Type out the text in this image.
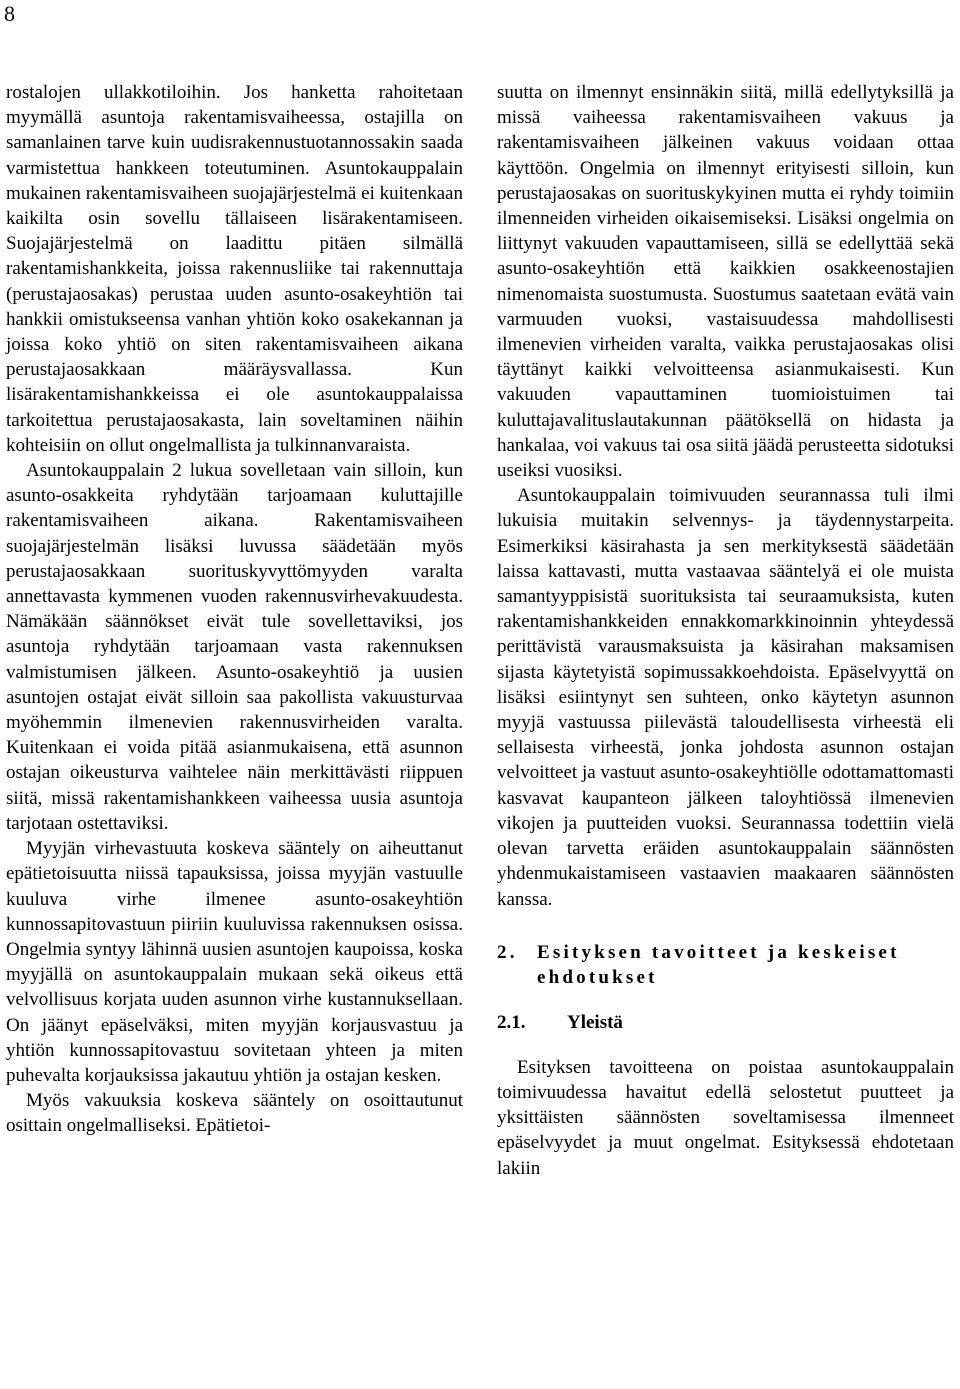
8

rostalojen ullakkotiloihin. Jos hanketta rahoitetaan myymällä asuntoja rakentamisvaiheessa, ostajilla on samanlainen tarve kuin uudisrakennustuotannossakin saada varmistettua hankkeen toteutuminen. Asuntokauppalain mukainen rakentamisvaiheen suojajärjestelmä ei kuitenkaan kaikilta osin sovellu tällaiseen lisärakentamiseen. Suojajärjestelmä on laadittu pitäen silmällä rakentamishankkeita, joissa rakennusliike tai rakennuttaja (perustajaosakas) perustaa uuden asunto-osakeyhtiön tai hankkii omistukseensa vanhan yhtiön koko osakekannan ja joissa koko yhtiö on siten rakentamisvaiheen aikana perustajaosakkaan määräysvallassa. Kun lisärakentamishankkeissa ei ole asuntokauppalaissa tarkoitettua perustajaosakasta, lain soveltaminen näihin kohteisiin on ollut ongelmallista ja tulkinnanvaraista.

Asuntokauppalain 2 lukua sovelletaan vain silloin, kun asunto-osakkeita ryhdytään tarjoamaan kuluttajille rakentamisvaiheen aikana. Rakentamisvaiheen suojajärjestelmän lisäksi luvussa säädetään myös perustajaosakkaan suorituskyvyttömyyden varalta annettavasta kymmenen vuoden rakennusvirhevakuudesta. Nämäkään säännökset eivät tule sovellettaviksi, jos asuntoja ryhdytään tarjoamaan vasta rakennuksen valmistumisen jälkeen. Asunto-osakeyhtiö ja uusien asuntojen ostajat eivät silloin saa pakollista vakuusturvaa myöhemmin ilmenevien rakennusvirheiden varalta. Kuitenkaan ei voida pitää asianmukaisena, että asunnon ostajan oikeusturva vaihtelee näin merkittävästi riippuen siitä, missä rakentamishankkeen vaiheessa uusia asuntoja tarjotaan ostettaviksi.

Myyjän virhevastuuta koskeva sääntely on aiheuttanut epätietoisuutta niissä tapauksissa, joissa myyjän vastuulle kuuluva virhe ilmenee asunto-osakeyhtiön kunnossapitovastuun piiriin kuuluvissa rakennuksen osissa. Ongelmia syntyy lähinnä uusien asuntojen kaupoissa, koska myyjällä on asuntokauppalain mukaan sekä oikeus että velvollisuus korjata uuden asunnon virhe kustannuksellaan. On jäänyt epäselväksi, miten myyjän korjausvastuu ja yhtiön kunnossapitovastuu sovitetaan yhteen ja miten puhevalta korjauksissa jakautuu yhtiön ja ostajan kesken.

Myös vakuuksia koskeva sääntely on osoittautunut osittain ongelmalliseksi. Epätietoi-

suutta on ilmennyt ensinnäkin siitä, millä edellytyksillä ja missä vaiheessa rakentamisvaiheen vakuus ja rakentamisvaiheen jälkeinen vakuus voidaan ottaa käyttöön. Ongelmia on ilmennyt erityisesti silloin, kun perustajaosakas on suorituskykyinen mutta ei ryhdy toimiin ilmenneiden virheiden oikaisemiseksi. Lisäksi ongelmia on liittynyt vakuuden vapauttamiseen, sillä se edellyttää sekä asunto-osakeyhtiön että kaikkien osakkeenostajien nimenomaista suostumusta. Suostumus saatetaan evätä vain varmuuden vuoksi, vastaisuudessa mahdollisesti ilmenevien virheiden varalta, vaikka perustajaosakas olisi täyttänyt kaikki velvoitteensa asianmukaisesti. Kun vakuuden vapauttaminen tuomioistuimen tai kuluttajavalituslautakunnan päätöksellä on hidasta ja hankalaa, voi vakuus tai osa siitä jäädä perusteetta sidotuksi useiksi vuosiksi.

Asuntokauppalain toimivuuden seurannassa tuli ilmi lukuisia muitakin selvennys- ja täydennystarpeita. Esimerkiksi käsirahasta ja sen merkityksestä säädetään laissa kattavasti, mutta vastaavaa sääntelyä ei ole muista samantyyppisistä suorituksista tai seuraamuksista, kuten rakentamishankkeiden ennakkomarkkinoinnin yhteydessä perittävistä varausmaksuista ja käsirahan maksamisen sijasta käytetyistä sopimussakkoehdoista. Epäselvyyttä on lisäksi esiintynyt sen suhteen, onko käytetyn asunnon myyjä vastuussa piilevästä taloudellisesta virheestä eli sellaisesta virheestä, jonka johdosta asunnon ostajan velvoitteet ja vastuut asunto-osakeyhtiölle odottamattomasti kasvavat kaupanteon jälkeen taloyhtiössä ilmenevien vikojen ja puutteiden vuoksi. Seurannassa todettiin vielä olevan tarvetta eräiden asuntokauppalain säännösten yhdenmukaistamiseen vastaavien maakaaren säännösten kanssa.

2.	Esityksen tavoitteet ja keskeiset ehdotukset

2.1.	Yleistä

Esityksen tavoitteena on poistaa asuntokauppalain toimivuudessa havaitut edellä selostetut puutteet ja yksittäisten säännösten soveltamisessa ilmenneet epäselvyydet ja muut ongelmat. Esityksessä ehdotetaan lakiin
